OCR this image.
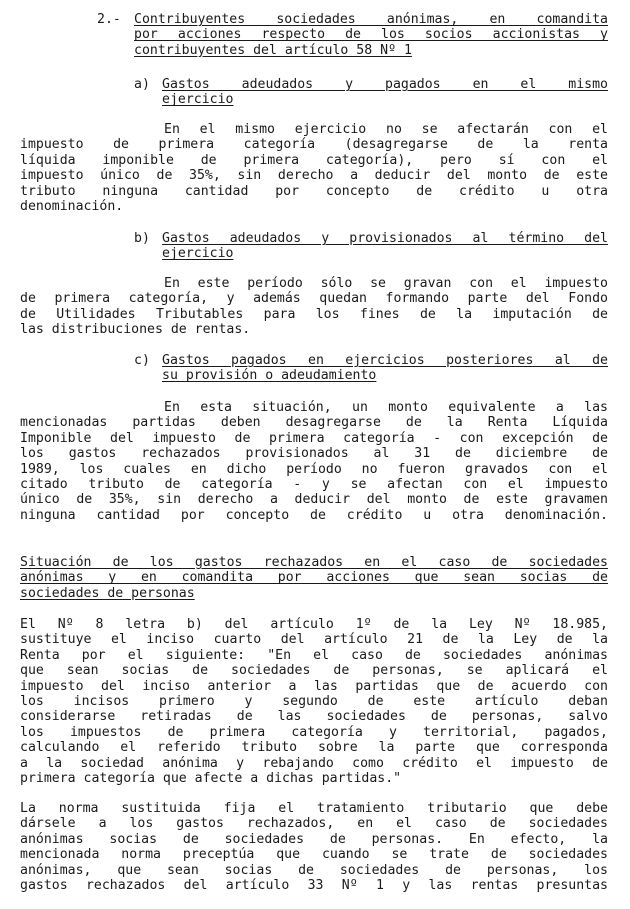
2.- Contribuyentes sociedades anónimas, en comandita
por acciones respecto de los socios accionistas y
contribuyentes del artículo 58 Nº 1
a) Gastos adeudados y pagados en el mismo
ejercicio
En el mismo ejercicio no se afectarán con el
impuesto de primera categoría (desagregarse de la renta
líquida imponible de primera categoría), pero sí con el
impuesto único de 35%, sin derecho a deducir del monto de este
tributo ninguna cantidad por concepto de crédito u otra
denominación.
b) Gastos adeudados y provisionados al término del
ejercicio
En este período sólo se gravan con el impuesto
de primera categoría, y además quedan formando parte del Fondo
de Utilidades Tributables para los fines de la imputación de
las distribuciones de rentas.
c) Gastos pagados en ejercicios posteriores al de
su provisión o adeudamiento
En esta situación, un monto equivalente a las
mencionadas partidas deben desagregarse de la Renta Líquida
Imponible del impuesto de primera categoría - con excepción de
los gastos rechazados provisionados al 31 de diciembre de
1989, los cuales en dicho período no fueron gravados con el
citado tributo de categoría - y se afectan con el impuesto
único de 35%, sin derecho a deducir del monto de este gravamen
ninguna cantidad por concepto de crédito u otra denominación.
Situación de los gastos rechazados en el caso de sociedades
anónimas y en comandita por acciones que sean socias de
sociedades de personas
El Nº 8 letra b) del artículo 1º de la Ley Nº 18.985,
sustituye el inciso cuarto del artículo 21 de la Ley de la
Renta por el siguiente: "En el caso de sociedades anónimas
que sean socias de sociedades de personas, se aplicará el
impuesto del inciso anterior a las partidas que de acuerdo con
los incisos primero y segundo de este artículo deban
considerarse retiradas de las sociedades de personas, salvo
los impuestos de primera categoría y territorial, pagados,
calculando el referido tributo sobre la parte que corresponda
a la sociedad anónima y rebajando como crédito el impuesto de
primera categoría que afecte a dichas partidas."
La norma sustituida fija el tratamiento tributario que debe
dársele a los gastos rechazados, en el caso de sociedades
anónimas socias de sociedades de personas. En efecto, la
mencionada norma preceptúa que cuando se trate de sociedades
anónimas, que sean socias de sociedades de personas, los
gastos rechazados del artículo 33 Nº 1 y las rentas presuntas
